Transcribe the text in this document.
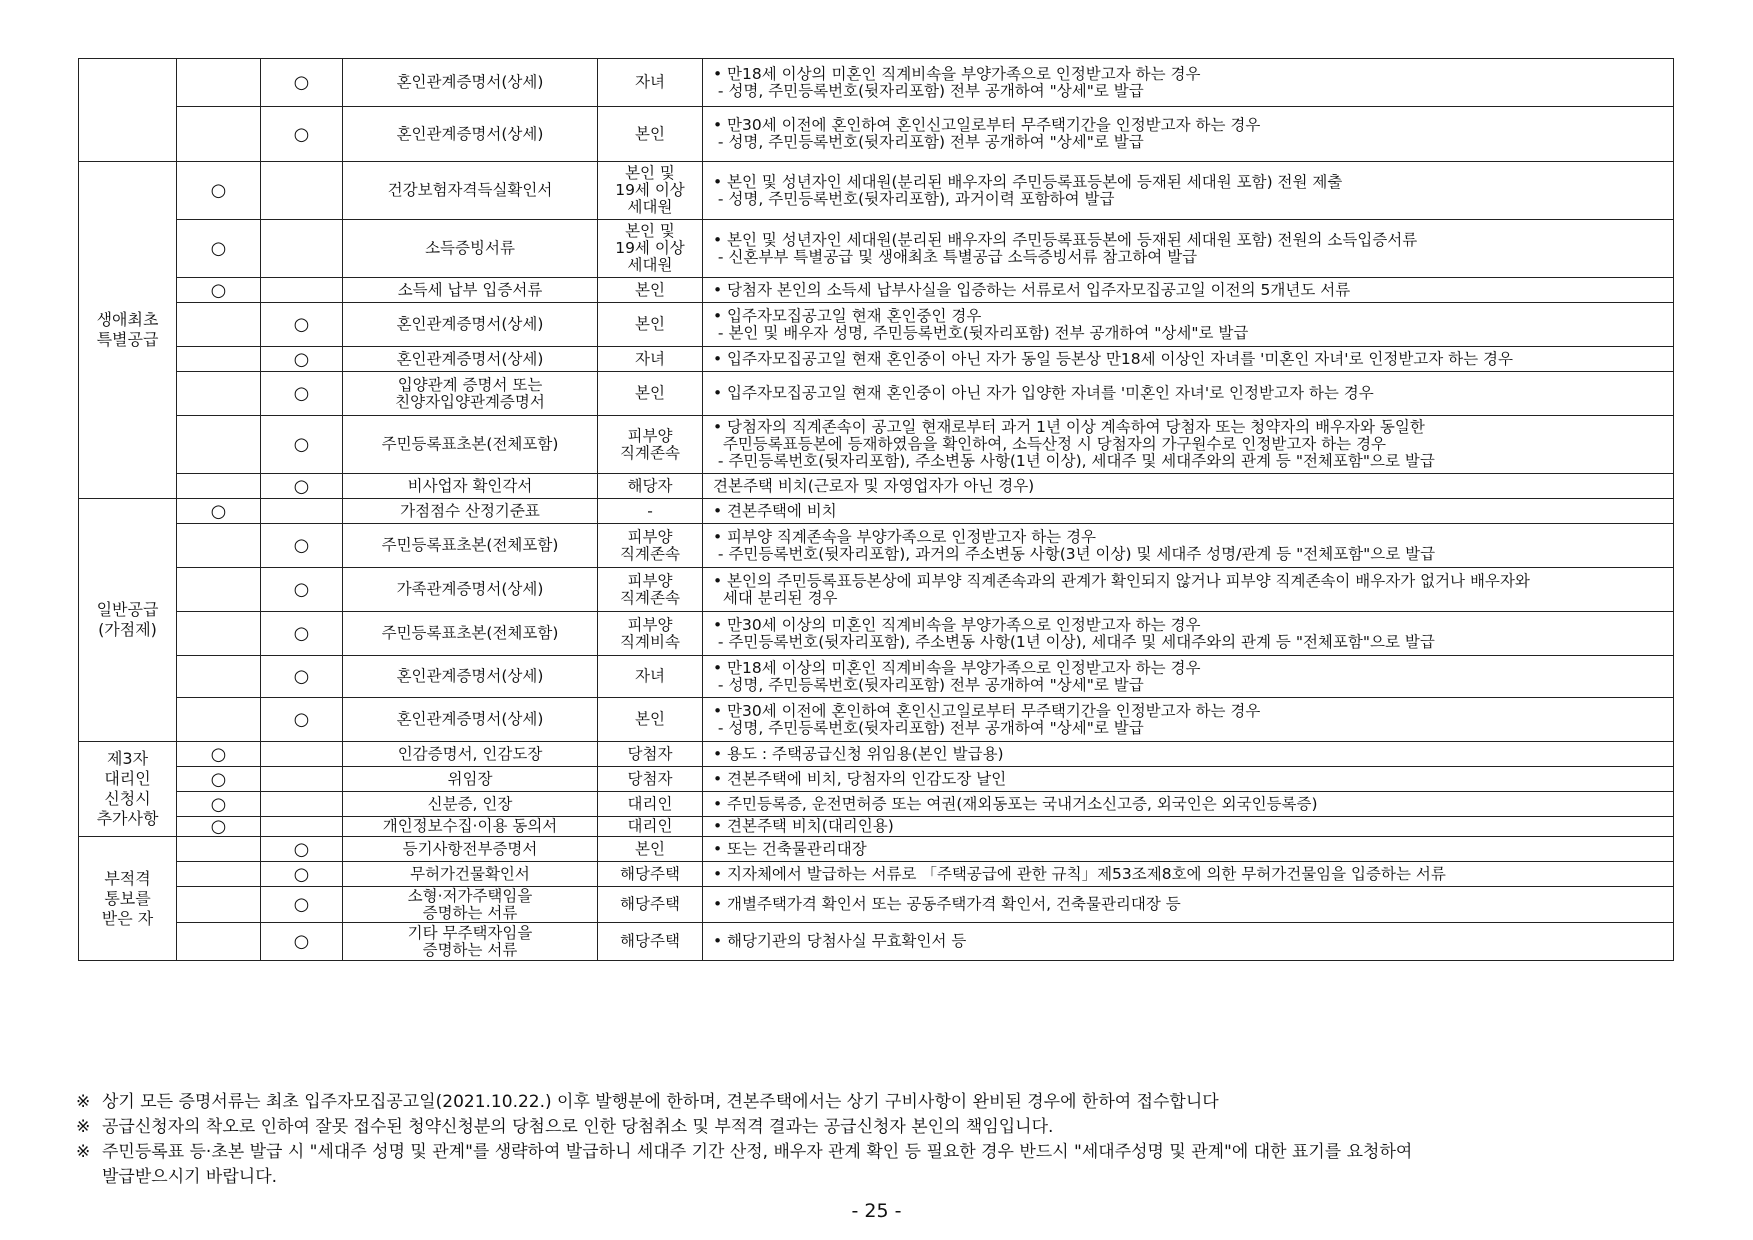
		○	혼인관계증명서(상세)	자녀	• 만18세 이상의 미혼인 직계비속을 부양가족으로 인정받고자 하는 경우
- 성명, 주민등록번호(뒷자리포함) 전부 공개하여 "상세"로 발급

		○	혼인관계증명서(상세)	본인	• 만30세 이전에 혼인하여 혼인신고일로부터 무주택기간을 인정받고자 하는 경우
- 성명, 주민등록번호(뒷자리포함) 전부 공개하여 "상세"로 발급

생애최초
특별공급	○		건강보험자격득실확인서	본인 및
19세 이상
세대원	• 본인 및 성년자인 세대원(분리된 배우자의 주민등록표등본에 등재된 세대원 포함) 전원 제출
- 성명, 주민등록번호(뒷자리포함), 과거이력 포함하여 발급

	○		소득증빙서류	본인 및
19세 이상
세대원	• 본인 및 성년자인 세대원(분리된 배우자의 주민등록표등본에 등재된 세대원 포함) 전원의 소득입증서류
- 신혼부부 특별공급 및 생애최초 특별공급 소득증빙서류 참고하여 발급

	○		소득세 납부 입증서류	본인	• 당첨자 본인의 소득세 납부사실을 입증하는 서류로서 입주자모집공고일 이전의 5개년도 서류

		○	혼인관계증명서(상세)	본인	• 입주자모집공고일 현재 혼인중인 경우
- 본인 및 배우자 성명, 주민등록번호(뒷자리포함) 전부 공개하여 "상세"로 발급

		○	혼인관계증명서(상세)	자녀	• 입주자모집공고일 현재 혼인중이 아닌 자가 동일 등본상 만18세 이상인 자녀를 '미혼인 자녀'로 인정받고자 하는 경우

		○	입양관계 증명서 또는
친양자입양관계증명서	본인	• 입주자모집공고일 현재 혼인중이 아닌 자가 입양한 자녀를 '미혼인 자녀'로 인정받고자 하는 경우

		○	주민등록표초본(전체포함)	피부양
직계존속	• 당첨자의 직계존속이 공고일 현재로부터 과거 1년 이상 계속하여 당첨자 또는 청약자의 배우자와 동일한
주민등록표등본에 등재하였음을 확인하여, 소득산정 시 당첨자의 가구원수로 인정받고자 하는 경우
- 주민등록번호(뒷자리포함), 주소변동 사항(1년 이상), 세대주 및 세대주와의 관계 등 "전체포함"으로 발급

		○	비사업자 확인각서	해당자	견본주택 비치(근로자 및 자영업자가 아닌 경우)

일반공급
(가점제)	○		가점점수 산정기준표	-	• 견본주택에 비치

		○	주민등록표초본(전체포함)	피부양
직계존속	• 피부양 직계존속을 부양가족으로 인정받고자 하는 경우
- 주민등록번호(뒷자리포함), 과거의 주소변동 사항(3년 이상) 및 세대주 성명/관계 등 "전체포함"으로 발급

		○	가족관계증명서(상세)	피부양
직계존속	• 본인의 주민등록표등본상에 피부양 직계존속과의 관계가 확인되지 않거나 피부양 직계존속이 배우자가 없거나 배우자와
세대 분리된 경우

		○	주민등록표초본(전체포함)	피부양
직계비속	• 만30세 이상의 미혼인 직계비속을 부양가족으로 인정받고자 하는 경우
- 주민등록번호(뒷자리포함), 주소변동 사항(1년 이상), 세대주 및 세대주와의 관계 등 "전체포함"으로 발급

		○	혼인관계증명서(상세)	자녀	• 만18세 이상의 미혼인 직계비속을 부양가족으로 인정받고자 하는 경우
- 성명, 주민등록번호(뒷자리포함) 전부 공개하여 "상세"로 발급

		○	혼인관계증명서(상세)	본인	• 만30세 이전에 혼인하여 혼인신고일로부터 무주택기간을 인정받고자 하는 경우
- 성명, 주민등록번호(뒷자리포함) 전부 공개하여 "상세"로 발급

제3자
대리인
신청시
추가사항	○		인감증명서, 인감도장	당첨자	• 용도 : 주택공급신청 위임용(본인 발급용)

	○		위임장	당첨자	• 견본주택에 비치, 당첨자의 인감도장 날인

	○		신분증, 인장	대리인	• 주민등록증, 운전면허증 또는 여권(재외동포는 국내거소신고증, 외국인은 외국인등록증)

	○		개인정보수집·이용 동의서	대리인	• 견본주택 비치(대리인용)

부적격
통보를
받은 자		○	등기사항전부증명서	본인	• 또는 건축물관리대장

		○	무허가건물확인서	해당주택	• 지자체에서 발급하는 서류로 「주택공급에 관한 규칙」제53조제8호에 의한 무허가건물임을 입증하는 서류

		○	소형·저가주택임을
증명하는 서류	해당주택	• 개별주택가격 확인서 또는 공동주택가격 확인서, 건축물관리대장 등

		○	기타 무주택자임을
증명하는 서류	해당주택	• 해당기관의 당첨사실 무효확인서 등
※ 상기 모든 증명서류는 최초 입주자모집공고일(2021.10.22.) 이후 발행분에 한하며, 견본주택에서는 상기 구비사항이 완비된 경우에 한하여 접수합니다
※ 공급신청자의 착오로 인하여 잘못 접수된 청약신청분의 당첨으로 인한 당첨취소 및 부적격 결과는 공급신청자 본인의 책임입니다.
※ 주민등록표 등·초본 발급 시 "세대주 성명 및 관계"를 생략하여 발급하니 세대주 기간 산정, 배우자 관계 확인 등 필요한 경우 반드시 "세대주성명 및 관계"에 대한 표기를 요청하여
발급받으시기 바랍니다.
- 25 -
